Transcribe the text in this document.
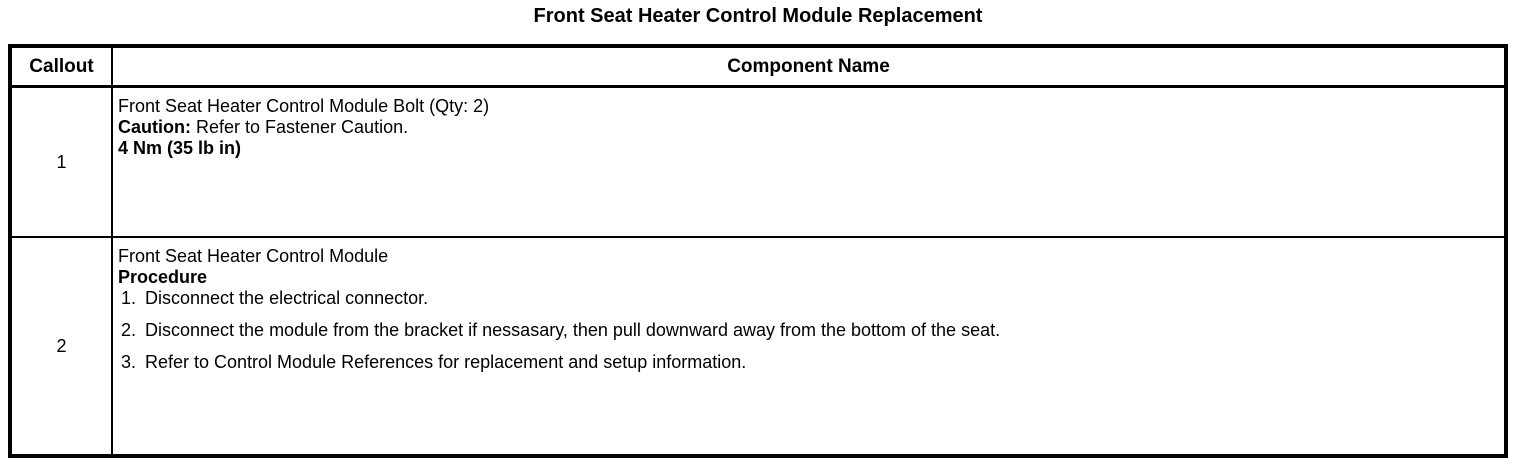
Front Seat Heater Control Module Replacement
Callout	Component Name
1

Front Seat Heater Control Module Bolt (Qty: 2)

Caution: Refer to Fastener Caution.

4 Nm (35 lb in)

2

Front Seat Heater Control Module

Procedure

1. Disconnect the electrical connector.
2. Disconnect the module from the bracket if nessasary, then pull downward away from the bottom of the seat.
3. Refer to Control Module References for replacement and setup information.
